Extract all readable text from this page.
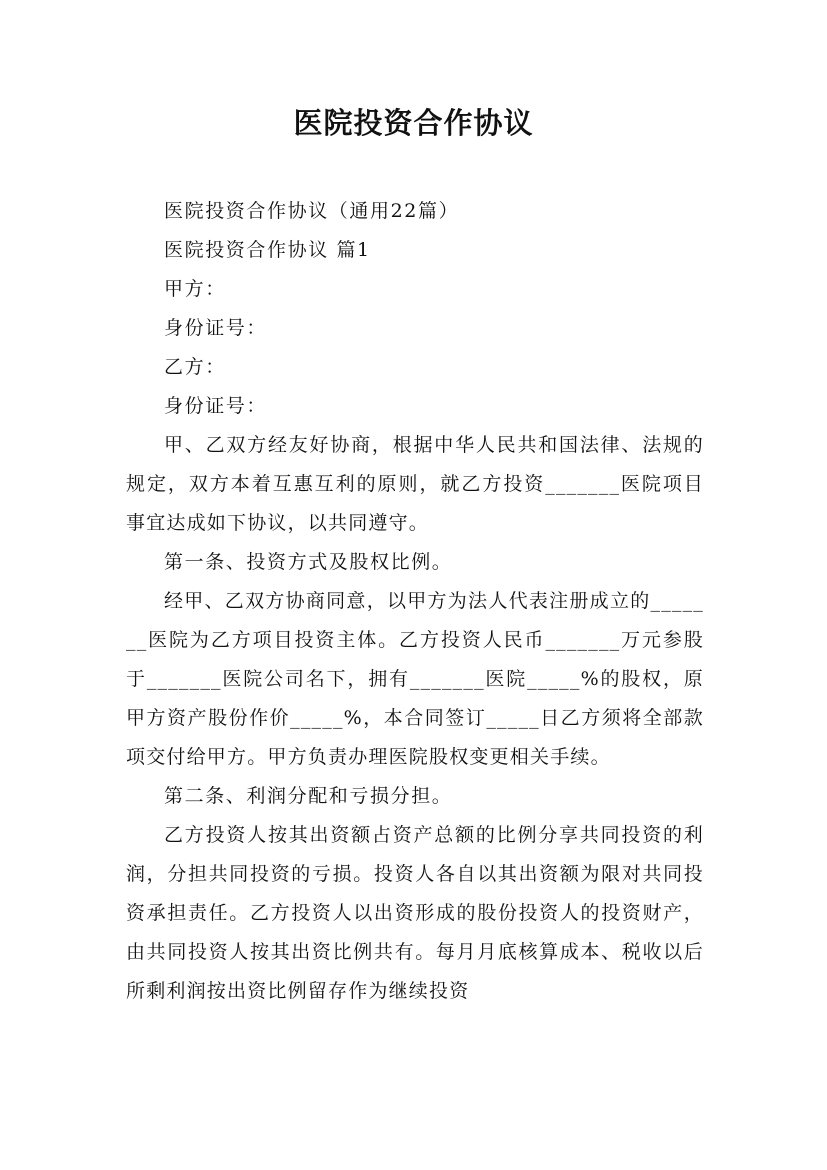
医院投资合作协议

医院投资合作协议（通用22篇）

医院投资合作协议 篇1

甲方：

身份证号：

乙方：

身份证号：

甲、乙双方经友好协商，根据中华人民共和国法律、法规的规定，双方本着互惠互利的原则，就乙方投资_______医院项目事宜达成如下协议，以共同遵守。

第一条、投资方式及股权比例。

经甲、乙双方协商同意，以甲方为法人代表注册成立的_______医院为乙方项目投资主体。乙方投资人民币_______万元参股于_______医院公司名下，拥有_______医院_____%的股权，原甲方资产股份作价_____%，本合同签订_____日乙方须将全部款项交付给甲方。甲方负责办理医院股权变更相关手续。

第二条、利润分配和亏损分担。

乙方投资人按其出资额占资产总额的比例分享共同投资的利润，分担共同投资的亏损。投资人各自以其出资额为限对共同投资承担责任。乙方投资人以出资形成的股份投资人的投资财产，由共同投资人按其出资比例共有。每月月底核算成本、税收以后所剩利润按出资比例留存作为继续投资
